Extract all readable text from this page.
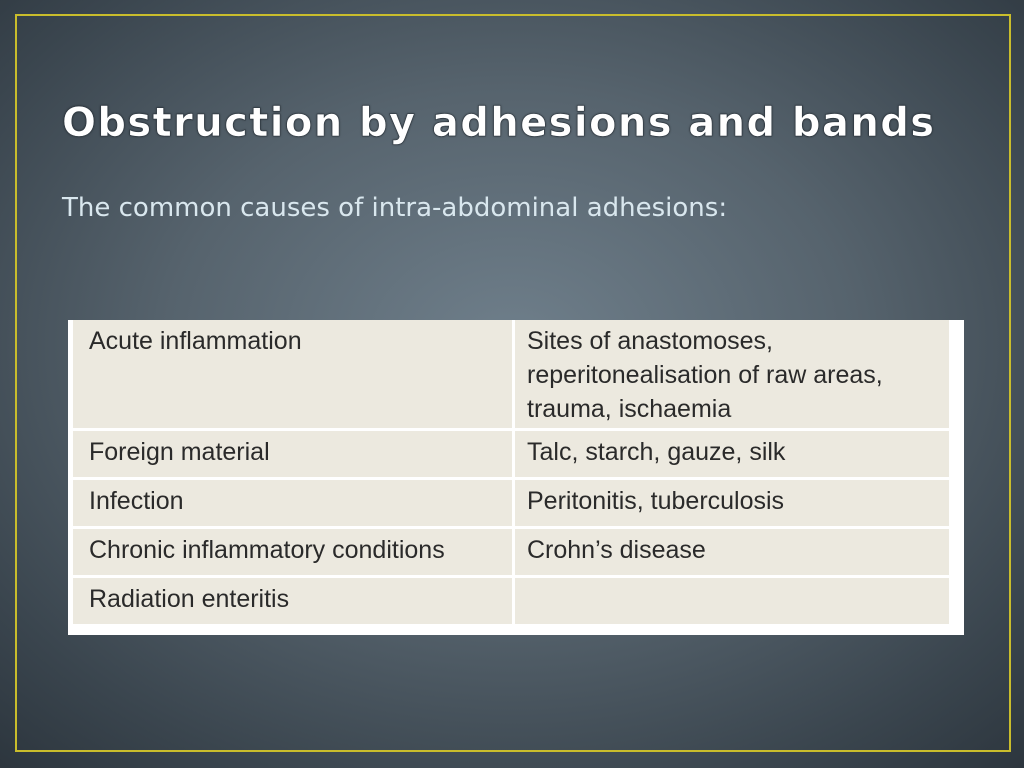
Obstruction by adhesions and bands
The common causes of intra-abdominal adhesions:
Acute inflammation	Sites of anastomoses, reperitonealisation of raw areas, trauma, ischaemia
Foreign material	Talc, starch, gauze, silk
Infection	Peritonitis, tuberculosis
Chronic inflammatory conditions	Crohn’s disease
Radiation enteritis	
